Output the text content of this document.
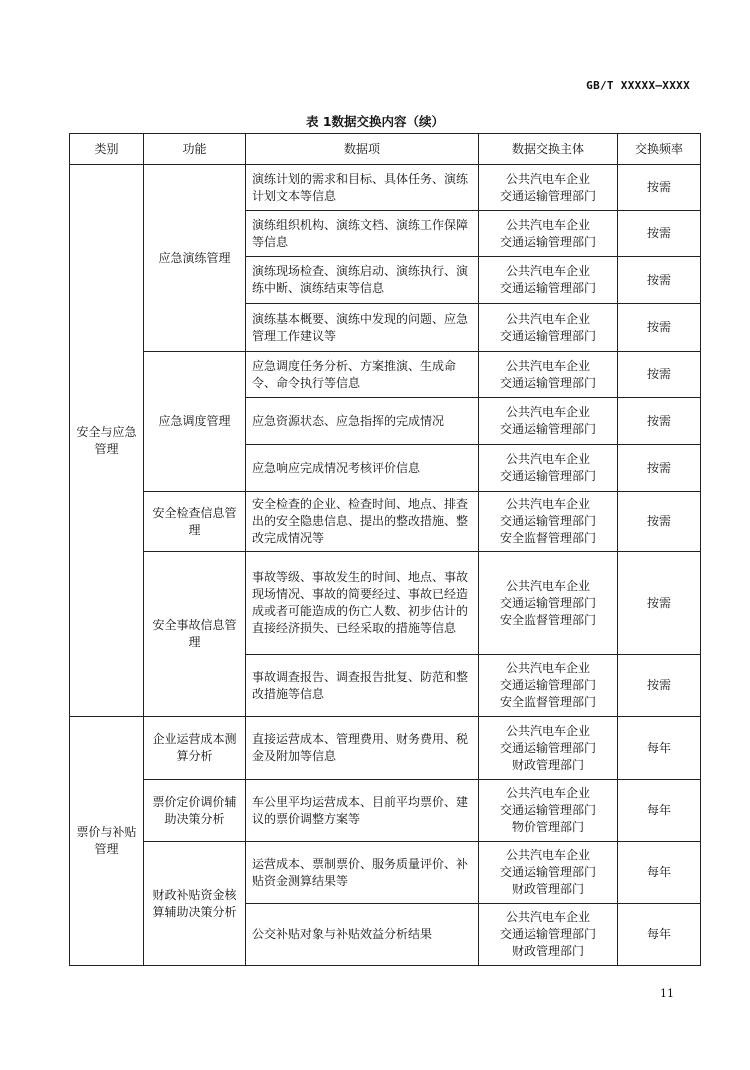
GB/T XXXXX—XXXX
表 1数据交换内容（续）
类别	功能	数据项	数据交换主体	交换频率
安全与应急管理	应急演练管理	演练计划的需求和目标、具体任务、演练计划文本等信息	公共汽电车企业
交通运输管理部门	按需
		演练组织机构、演练文档、演练工作保障等信息	公共汽电车企业
交通运输管理部门	按需
		演练现场检查、演练启动、演练执行、演练中断、演练结束等信息	公共汽电车企业
交通运输管理部门	按需
		演练基本概要、演练中发现的问题、应急管理工作建议等	公共汽电车企业
交通运输管理部门	按需
	应急调度管理	应急调度任务分析、方案推演、生成命令、命令执行等信息	公共汽电车企业
交通运输管理部门	按需
		应急资源状态、应急指挥的完成情况	公共汽电车企业
交通运输管理部门	按需
		应急响应完成情况考核评价信息	公共汽电车企业
交通运输管理部门	按需
	安全检查信息管理	安全检查的企业、检查时间、地点、排查出的安全隐患信息、提出的整改措施、整改完成情况等	公共汽电车企业
交通运输管理部门
安全监督管理部门	按需
	安全事故信息管理	事故等级、事故发生的时间、地点、事故现场情况、事故的简要经过、事故已经造成或者可能造成的伤亡人数、初步估计的直接经济损失、已经采取的措施等信息	公共汽电车企业
交通运输管理部门
安全监督管理部门	按需
		事故调查报告、调查报告批复、防范和整改措施等信息	公共汽电车企业
交通运输管理部门
安全监督管理部门	按需
票价与补贴管理	企业运营成本测算分析	直接运营成本、管理费用、财务费用、税金及附加等信息	公共汽电车企业
交通运输管理部门
财政管理部门	每年
	票价定价调价辅助决策分析	车公里平均运营成本、目前平均票价、建议的票价调整方案等	公共汽电车企业
交通运输管理部门
物价管理部门	每年
	财政补贴资金核算辅助决策分析	运营成本、票制票价、服务质量评价、补贴资金测算结果等	公共汽电车企业
交通运输管理部门
财政管理部门	每年
		公交补贴对象与补贴效益分析结果	公共汽电车企业
交通运输管理部门
财政管理部门	每年
11
